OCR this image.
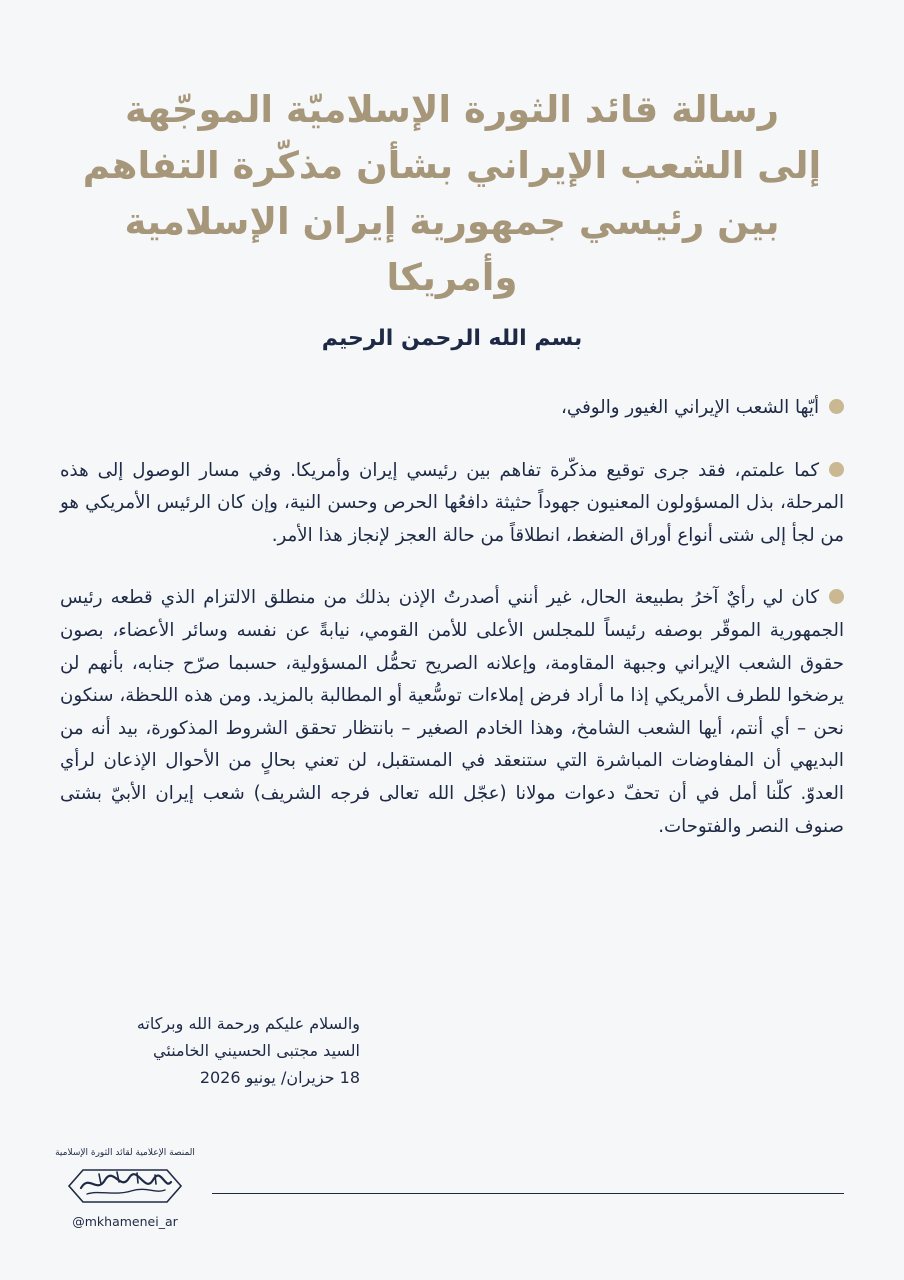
رسالة قائد الثورة الإسلاميّة الموجّهة
إلى الشعب الإيراني بشأن مذكّرة التفاهم
بين رئيسي جمهورية إيران الإسلامية وأمريكا
بسم الله الرحمن الرحيم

أيّها الشعب الإيراني الغيور والوفي،

كما علمتم، فقد جرى توقيع مذكّرة تفاهم بين رئيسي إيران وأمريكا. وفي مسار الوصول إلى هذه المرحلة، بذل المسؤولون المعنيون جهوداً حثيثة دافعُها الحرص وحسن النية، وإن كان الرئيس الأمريكي هو من لجأ إلى شتى أنواع أوراق الضغط، انطلاقاً من حالة العجز لإنجاز هذا الأمر.

كان لي رأيٌ آخرُ بطبيعة الحال، غير أنني أصدرتُ الإذن بذلك من منطلق الالتزام الذي قطعه رئيس الجمهورية الموقّر بوصفه رئيساً للمجلس الأعلى للأمن القومي، نيابةً عن نفسه وسائر الأعضاء، بصون حقوق الشعب الإيراني وجبهة المقاومة، وإعلانه الصريح تحمُّل المسؤولية، حسبما صرّح جنابه، بأنهم لن يرضخوا للطرف الأمريكي إذا ما أراد فرض إملاءات توسُّعية أو المطالبة بالمزيد. ومن هذه اللحظة، سنكون نحن – أي أنتم، أيها الشعب الشامخ، وهذا الخادم الصغير – بانتظار تحقق الشروط المذكورة، بيد أنه من البديهي أن المفاوضات المباشرة التي ستنعقد في المستقبل، لن تعني بحالٍ من الأحوال الإذعان لرأي العدوّ. كلّنا أمل في أن تحفّ دعوات مولانا (عجّل الله تعالى فرجه الشريف) شعب إيران الأبيّ بشتى صنوف النصر والفتوحات.

والسلام عليكم ورحمة الله وبركاته
السيد مجتبى الحسيني الخامنئي
18 حزيران/ يونيو 2026
المنصة الإعلامية لقائد الثورة الإسلامية
@mkhamenei_ar
